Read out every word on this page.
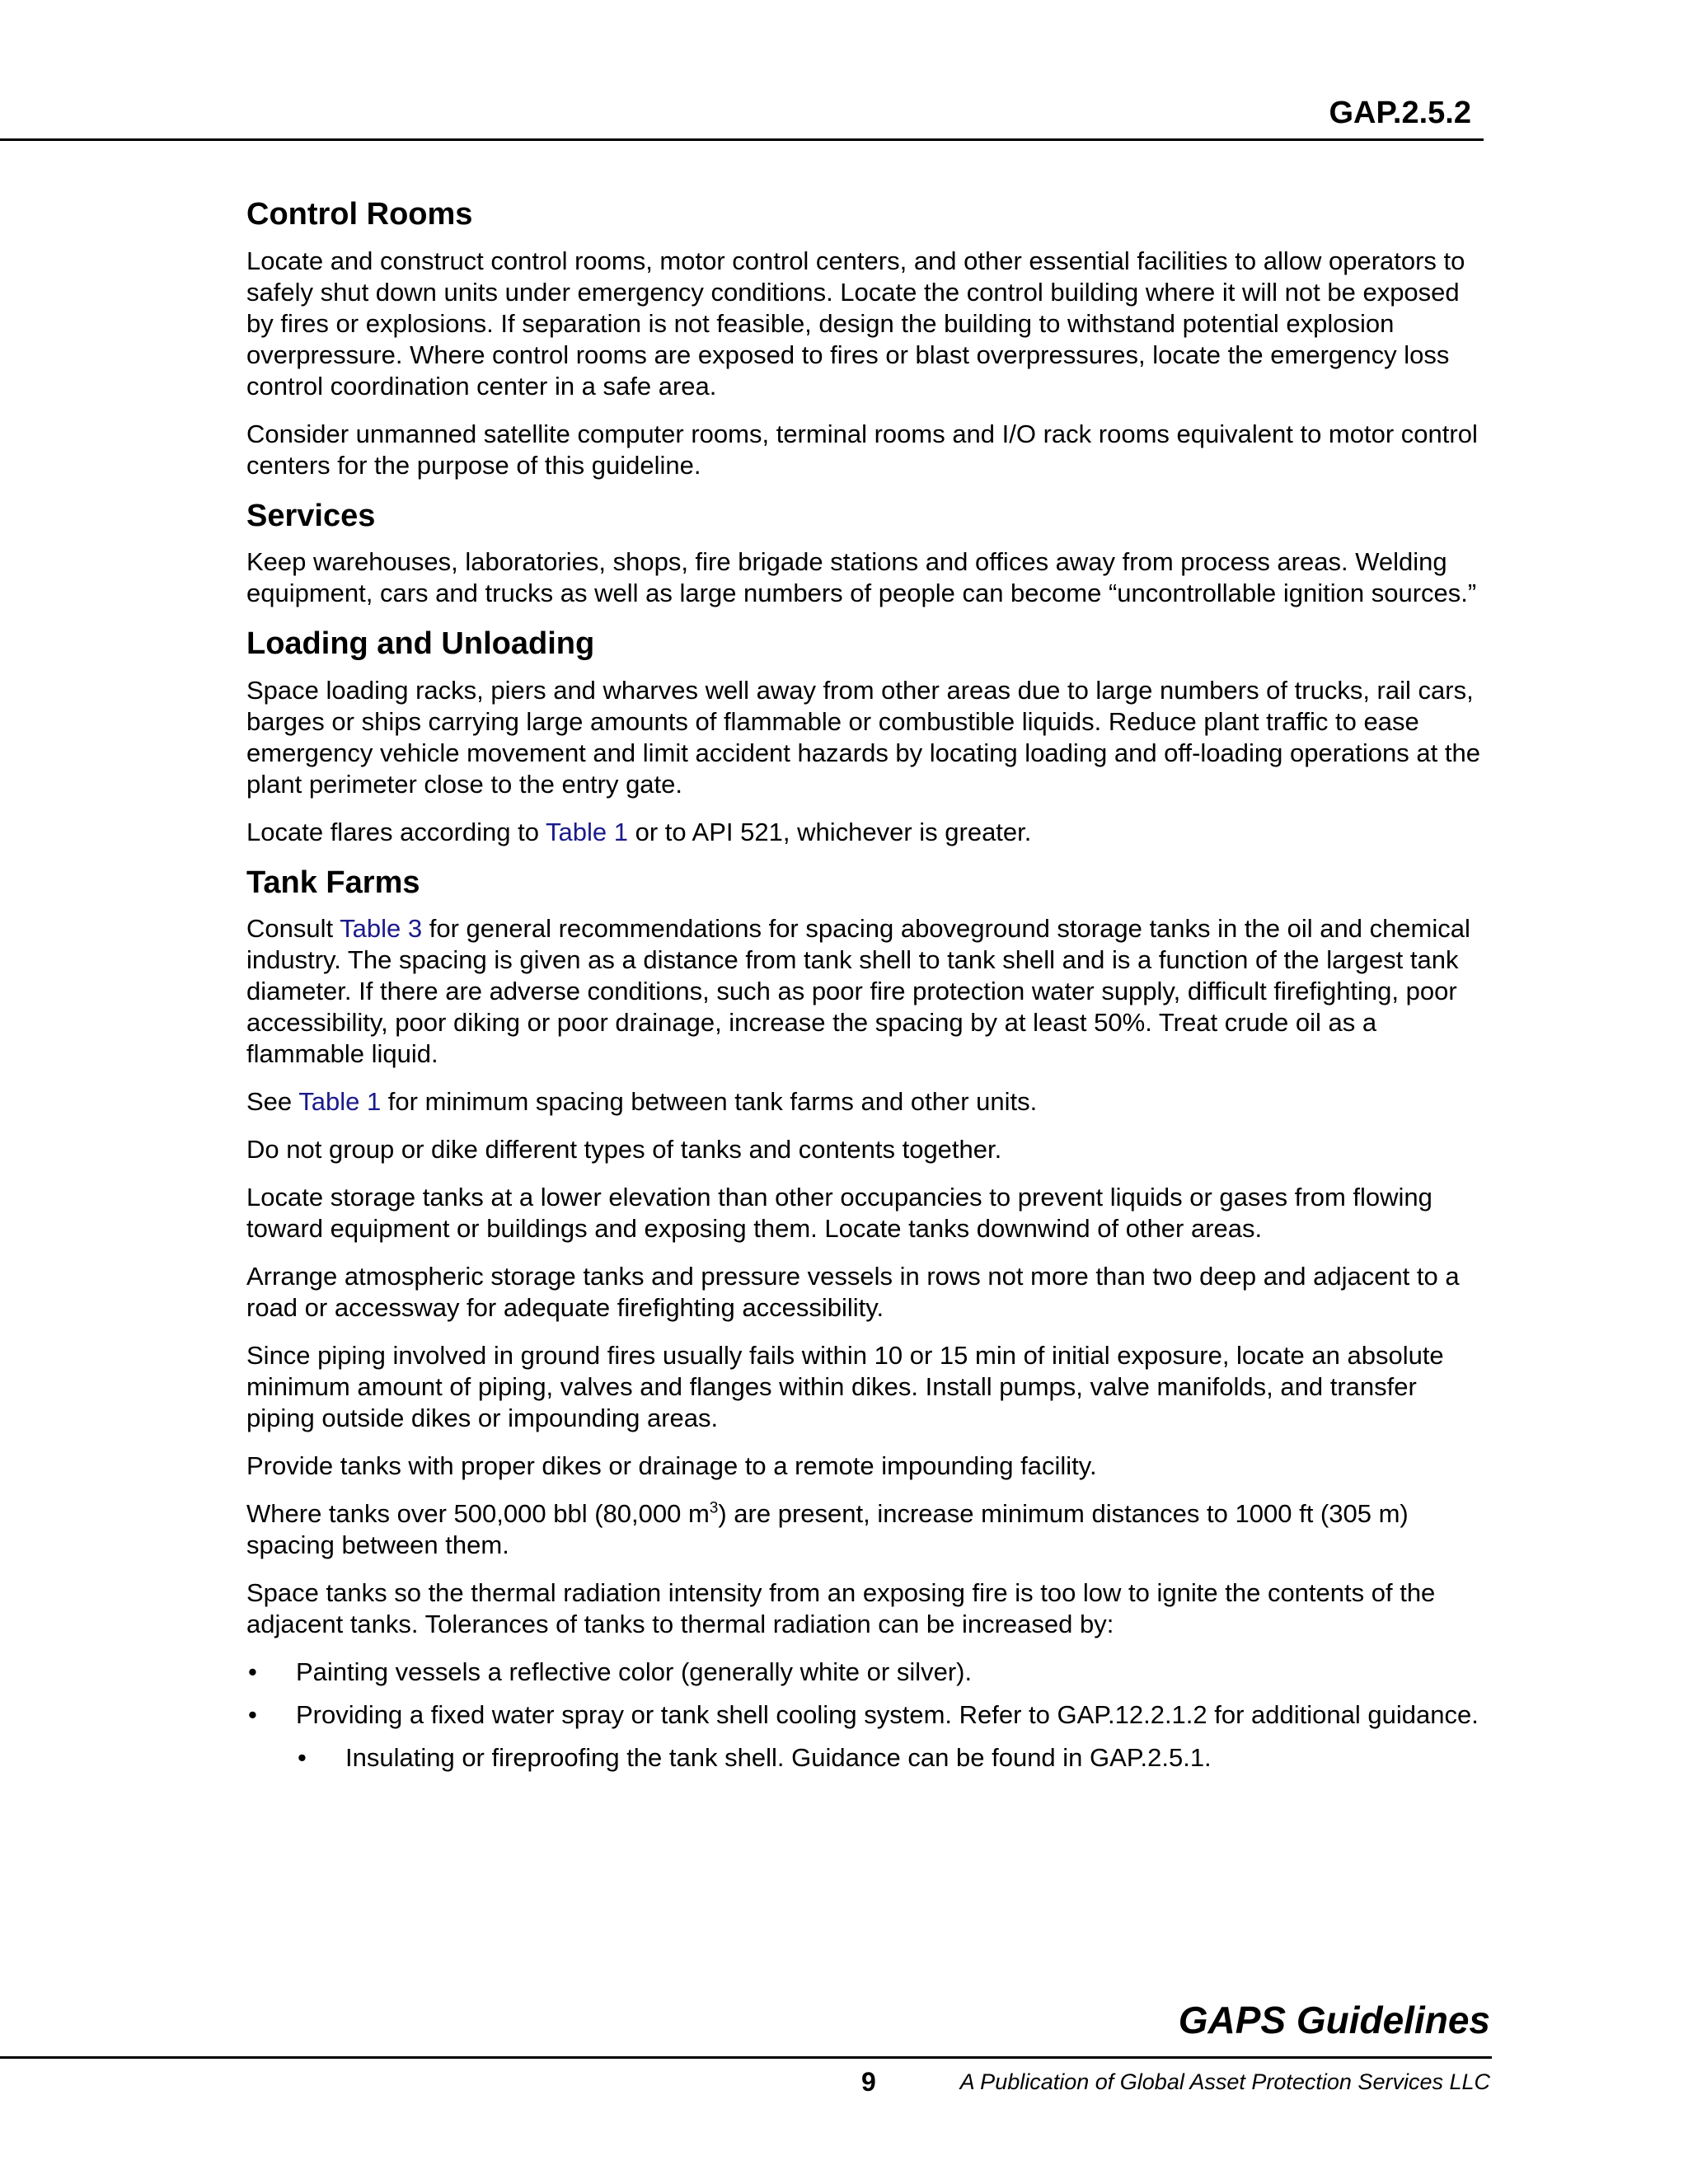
GAP.2.5.2
Control Rooms

Locate and construct control rooms, motor control centers, and other essential facilities to allow operators to safely shut down units under emergency conditions. Locate the control building where it will not be exposed by fires or explosions. If separation is not feasible, design the building to withstand potential explosion overpressure. Where control rooms are exposed to fires or blast overpressures, locate the emergency loss control coordination center in a safe area.

Consider unmanned satellite computer rooms, terminal rooms and I/O rack rooms equivalent to motor control centers for the purpose of this guideline.

Services

Keep warehouses, laboratories, shops, fire brigade stations and offices away from process areas. Welding equipment, cars and trucks as well as large numbers of people can become “uncontrollable ignition sources.”

Loading and Unloading

Space loading racks, piers and wharves well away from other areas due to large numbers of trucks, rail cars, barges or ships carrying large amounts of flammable or combustible liquids. Reduce plant traffic to ease emergency vehicle movement and limit accident hazards by locating loading and off-loading operations at the plant perimeter close to the entry gate.

Locate flares according to Table 1 or to API 521, whichever is greater.

Tank Farms

Consult Table 3 for general recommendations for spacing aboveground storage tanks in the oil and chemical industry. The spacing is given as a distance from tank shell to tank shell and is a function of the largest tank diameter. If there are adverse conditions, such as poor fire protection water supply, difficult firefighting, poor accessibility, poor diking or poor drainage, increase the spacing by at least 50%. Treat crude oil as a flammable liquid.

See Table 1 for minimum spacing between tank farms and other units.

Do not group or dike different types of tanks and contents together.

Locate storage tanks at a lower elevation than other occupancies to prevent liquids or gases from flowing toward equipment or buildings and exposing them. Locate tanks downwind of other areas.

Arrange atmospheric storage tanks and pressure vessels in rows not more than two deep and adjacent to a road or accessway for adequate firefighting accessibility.

Since piping involved in ground fires usually fails within 10 or 15 min of initial exposure, locate an absolute minimum amount of piping, valves and flanges within dikes. Install pumps, valve manifolds, and transfer piping outside dikes or impounding areas.

Provide tanks with proper dikes or drainage to a remote impounding facility.

Where tanks over 500,000 bbl (80,000 $m^3$) are present, increase minimum distances to 1000 ft (305 m) spacing between them.

Space tanks so the thermal radiation intensity from an exposing fire is too low to ignite the contents of the adjacent tanks. Tolerances of tanks to thermal radiation can be increased by:

• Painting vessels a reflective color (generally white or silver).
• Providing a fixed water spray or tank shell cooling system. Refer to GAP.12.2.1.2 for additional guidance.
• Insulating or fireproofing the tank shell. Guidance can be found in GAP.2.5.1.
GAPS Guidelines
9	A Publication of Global Asset Protection Services LLC
